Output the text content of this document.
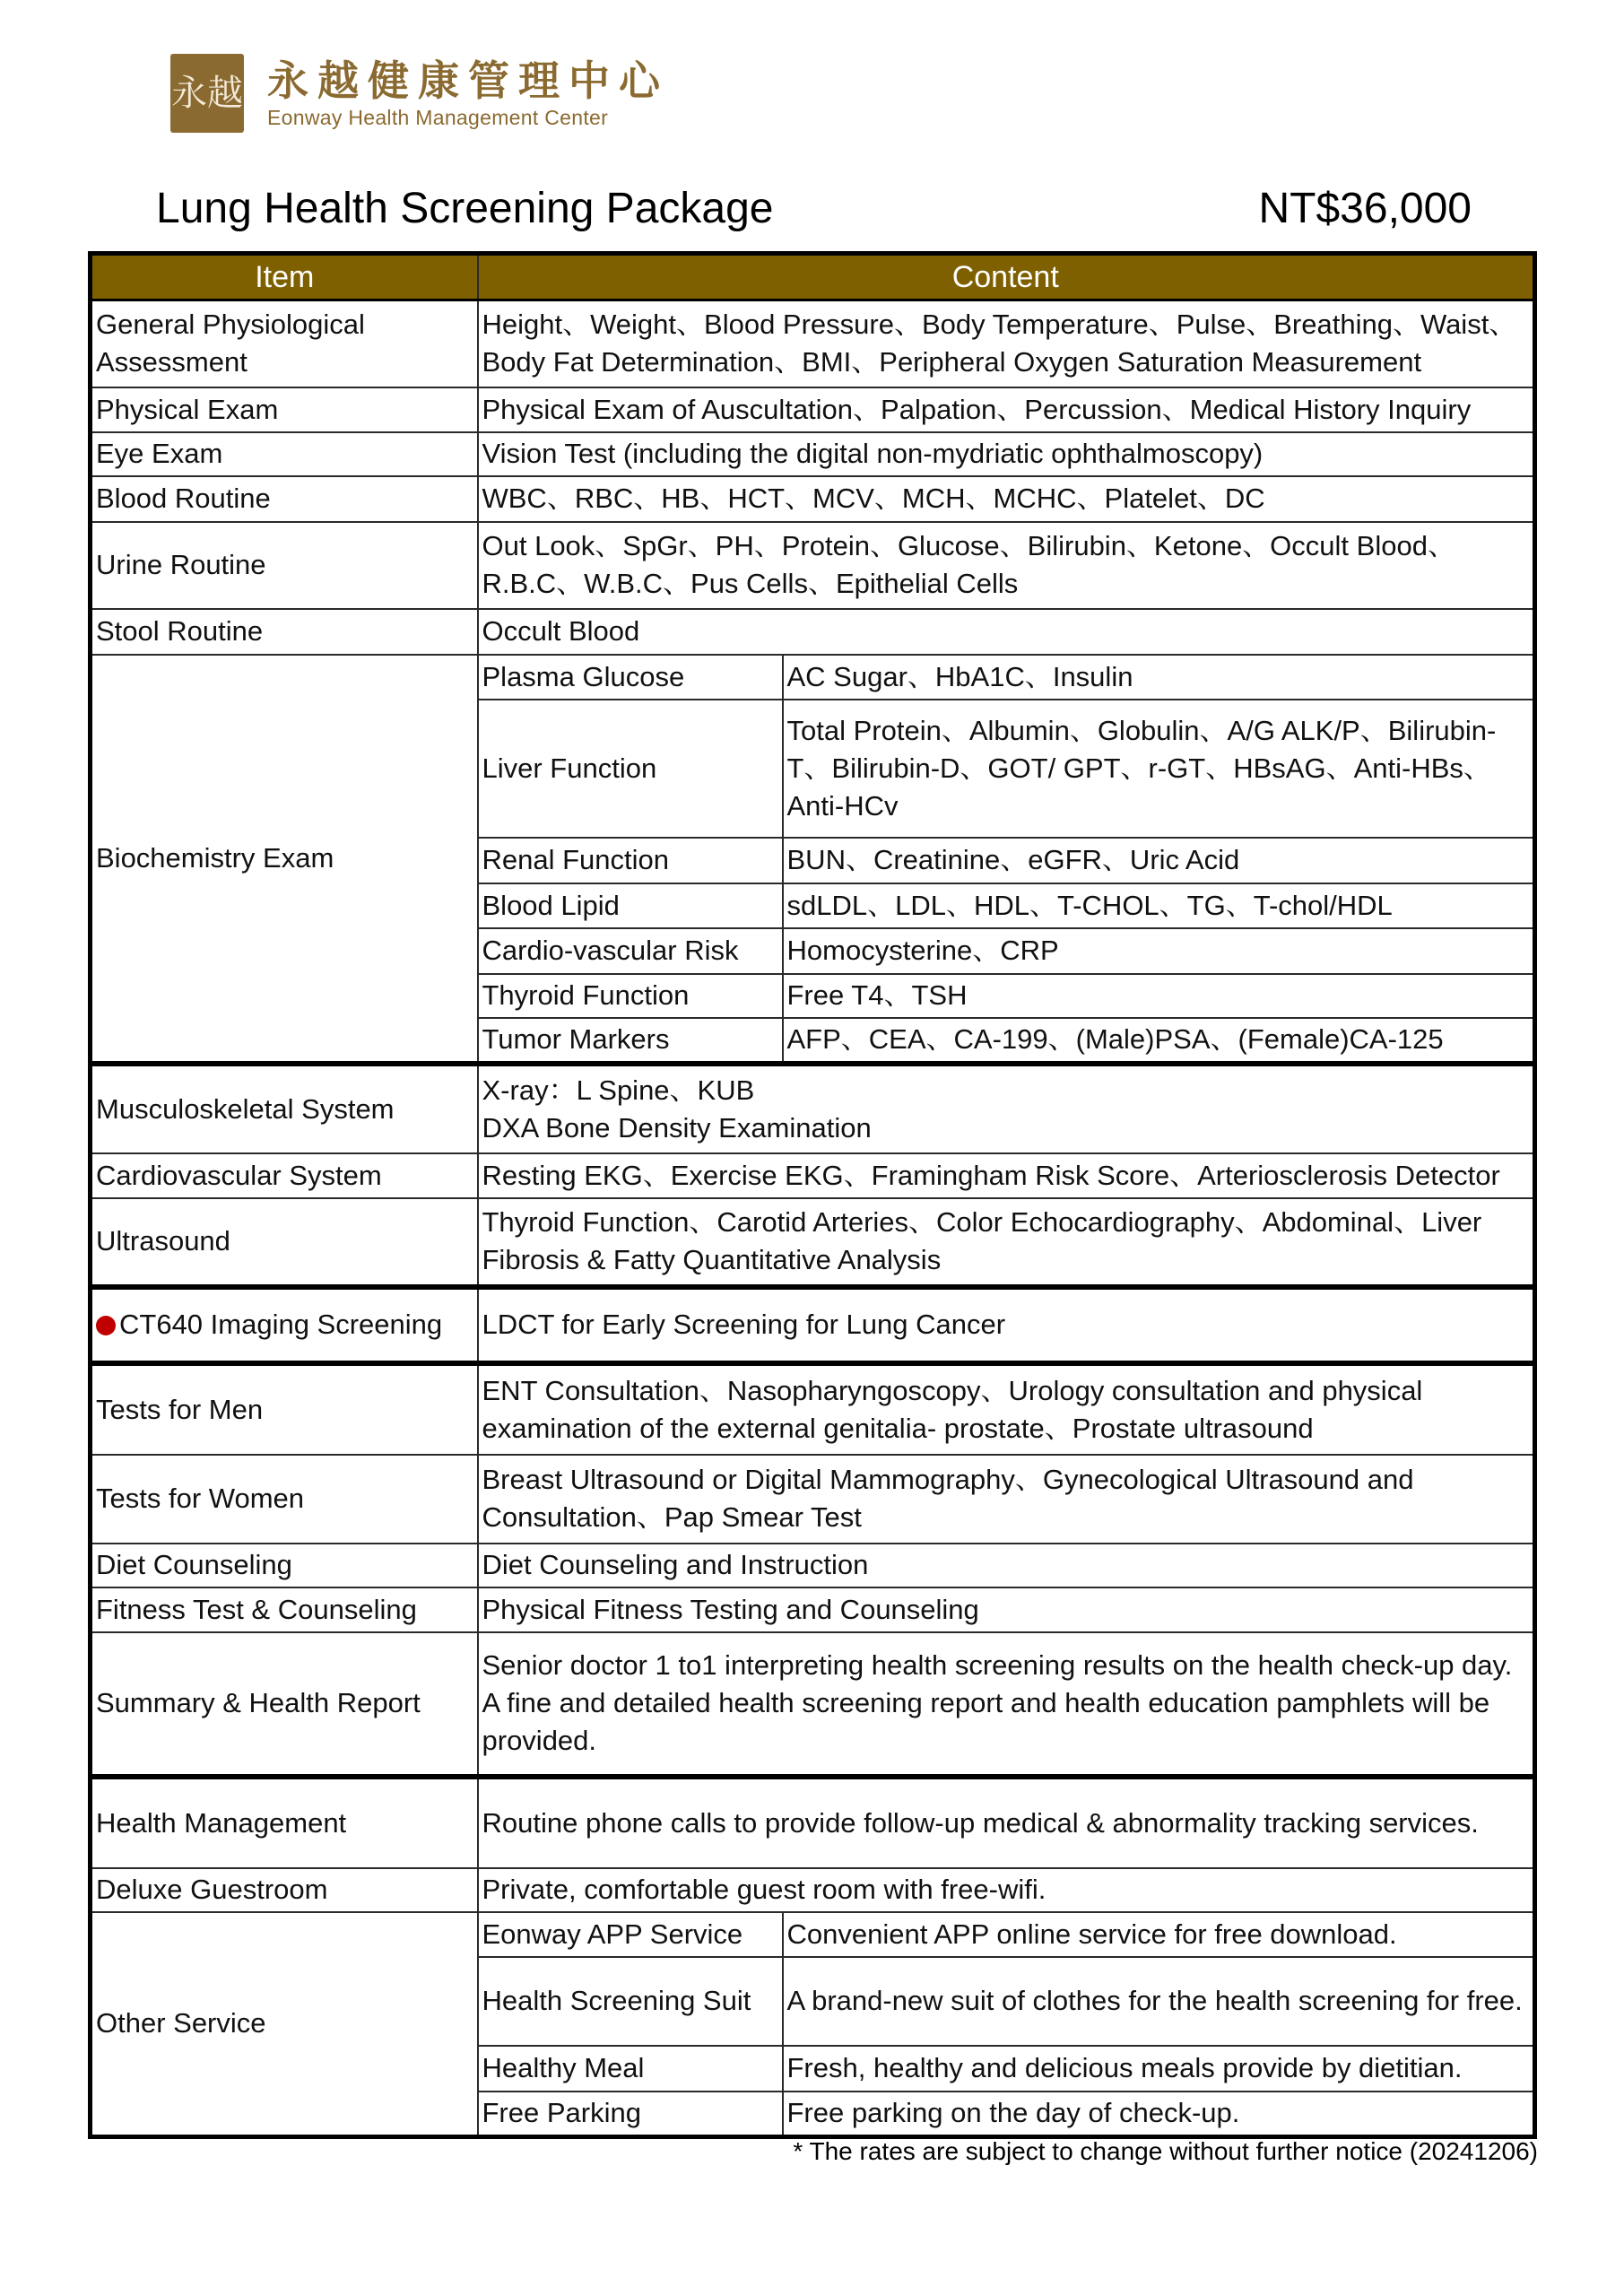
永越 永越健康管理中心
Eonway Health Management Center
Lung Health Screening Package	NT$36,000
Item	Content	
General Physiological Assessment	Height、Weight、Blood Pressure、Body Temperature、Pulse、Breathing、Waist、Body Fat Determination、BMI、Peripheral Oxygen Saturation Measurement	
Physical Exam	Physical Exam of Auscultation、Palpation、Percussion、Medical History Inquiry	
Eye Exam	Vision Test (including the digital non-mydriatic ophthalmoscopy)	
Blood Routine	WBC、RBC、HB、HCT、MCV、MCH、MCHC、Platelet、DC	
Urine Routine	Out Look、SpGr、PH、Protein、Glucose、Bilirubin、Ketone、Occult Blood、R.B.C、W.B.C、Pus Cells、Epithelial Cells	
Stool Routine	Occult Blood	
Biochemistry Exam	Plasma Glucose	AC Sugar、HbA1C、Insulin
	Liver Function	Total Protein、Albumin、Globulin、A/G ALK/P、Bilirubin-T、Bilirubin-D、GOT/ GPT、r-GT、HBsAG、Anti-HBs、Anti-HCv
	Renal Function	BUN、Creatinine、eGFR、Uric Acid
	Blood Lipid	sdLDL、LDL、HDL、T-CHOL、TG、T-chol/HDL
	Cardio-vascular Risk	Homocysterine、CRP
	Thyroid Function	Free T4、TSH
	Tumor Markers	AFP、CEA、CA-199、(Male)PSA、(Female)CA-125
Musculoskeletal System	X-ray：L Spine、KUB
DXA Bone Density Examination	

Cardiovascular System	Resting EKG、Exercise EKG、Framingham Risk Score、Arteriosclerosis Detector	
Ultrasound	Thyroid Function、Carotid Arteries、Color Echocardiography、Abdominal、Liver Fibrosis & Fatty Quantitative Analysis	
CT640 Imaging Screening	LDCT for Early Screening for Lung Cancer	
Tests for Men	ENT Consultation、Nasopharyngoscopy、Urology consultation and physical examination of the external genitalia- prostate、Prostate ultrasound	
Tests for Women	Breast Ultrasound or Digital Mammography、Gynecological Ultrasound and Consultation、Pap Smear Test	
Diet Counseling	Diet Counseling and Instruction	
Fitness Test & Counseling	Physical Fitness Testing and Counseling	
Summary & Health Report	Senior doctor 1 to1 interpreting health screening results on the health check-up day. A fine and detailed health screening report and health education pamphlets will be provided.	
Health Management	Routine phone calls to provide follow-up medical & abnormality tracking services.	
Deluxe Guestroom	Private, comfortable guest room with free-wifi.	
Other Service	Eonway APP Service	Convenient APP online service for free download.
	Health Screening Suit	A brand-new suit of clothes for the health screening for free.
	Healthy Meal	Fresh, healthy and delicious meals provide by dietitian.
	Free Parking	Free parking on the day of check-up.
* The rates are subject to change without further notice (20241206)
